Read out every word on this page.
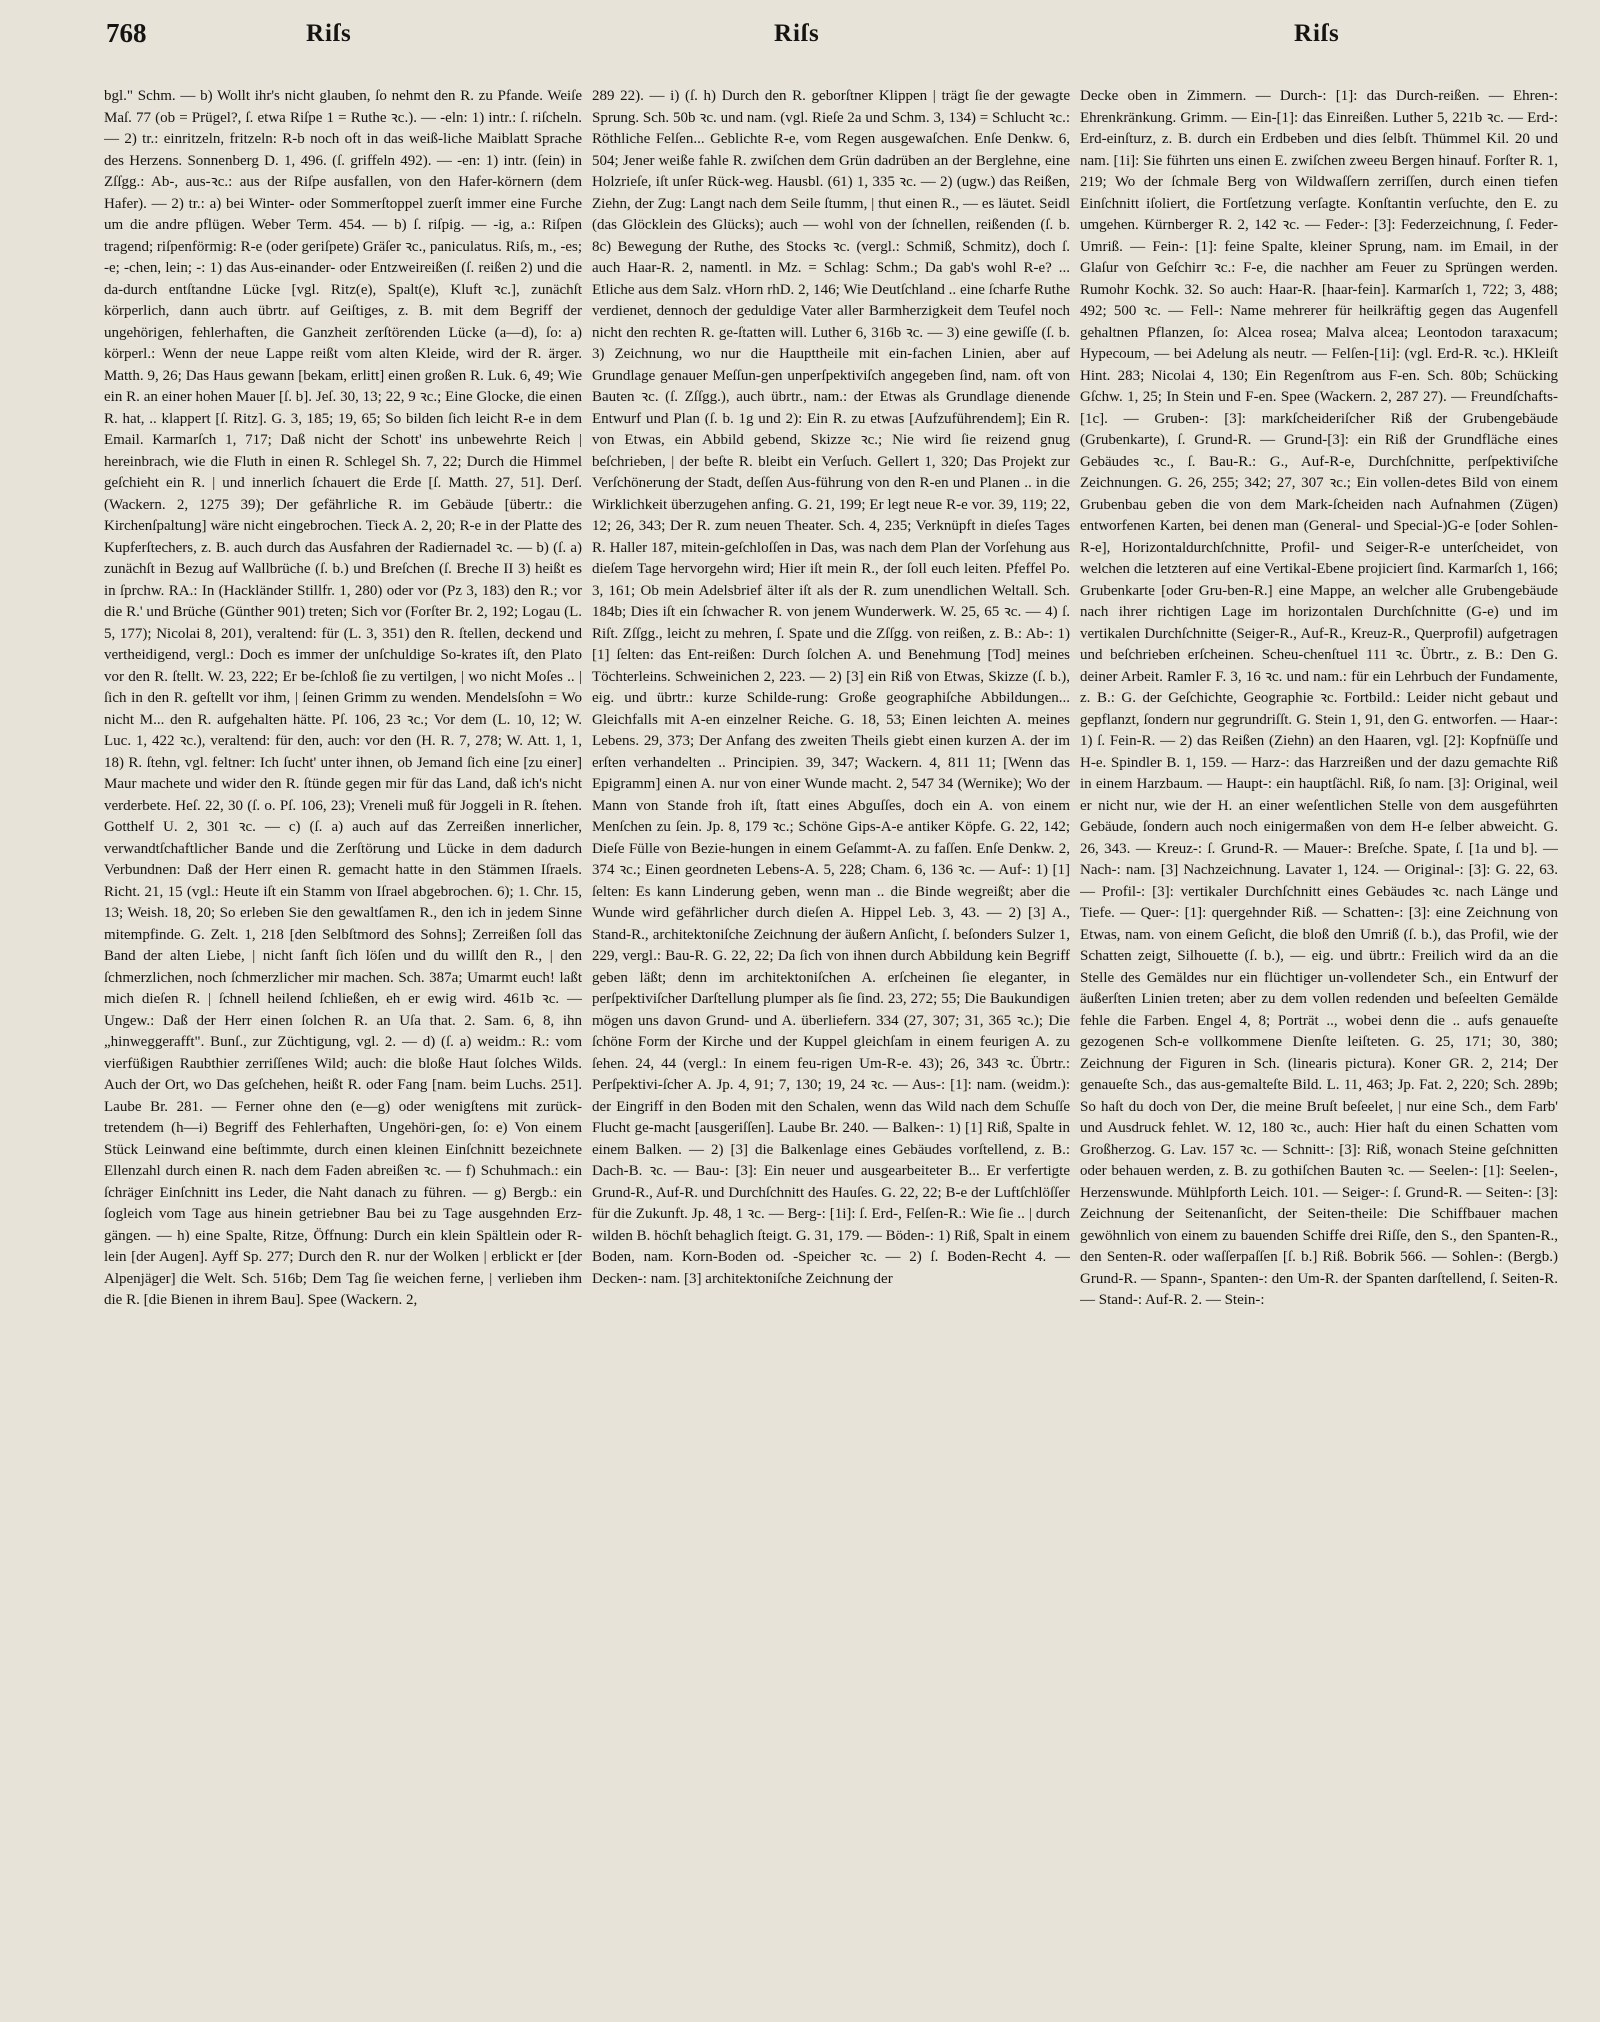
768	Riſs	Riſs	Riſs

bgl." Schm. — b) Wollt ihr's nicht glauben, ſo nehmt den R. zu Pfande. Weiſe Maſ. 77 (ob = Prügel?, ſ. etwa Riſpe 1 = Ruthe ꝛc.). — -eln: 1) intr.: ſ. riſcheln. — 2) tr.: einritzeln, fritzeln: R-b noch oft in das weiß-liche Maiblatt Sprache des Herzens. Sonnenberg D. 1, 496. (ſ. griffeln 492). — -en: 1) intr. (ſein) in Zſſgg.: Ab-, aus-ꝛc.: aus der Riſpe ausfallen, von den Hafer-körnern (dem Hafer). — 2) tr.: a) bei Winter- oder Sommerſtoppel zuerſt immer eine Furche um die andre pflügen. Weber Term. 454. — b) ſ. riſpig. — -ig, a.: Riſpen tragend; riſpenförmig: R-e (oder geriſpete) Gräſer ꝛc., paniculatus. Riſs, m., -es; -e; -chen, lein; -: 1) das Aus-einander- oder Entzweireißen (ſ. reißen 2) und die da-durch entſtandne Lücke [vgl. Ritz(e), Spalt(e), Kluft ꝛc.], zunächſt körperlich, dann auch übrtr. auf Geiſtiges, z. B. mit dem Begriff der ungehörigen, fehlerhaften, die Ganzheit zerſtörenden Lücke (a—d), ſo: a) körperl.: Wenn der neue Lappe reißt vom alten Kleide, wird der R. ärger. Matth. 9, 26; Das Haus gewann [bekam, erlitt] einen großen R. Luk. 6, 49; Wie ein R. an einer hohen Mauer [ſ. b]. Jeſ. 30, 13; 22, 9 ꝛc.; Eine Glocke, die einen R. hat, .. klappert [ſ. Ritz]. G. 3, 185; 19, 65; So bilden ſich leicht R-e in dem Email. Karmarſch 1, 717; Daß nicht der Schott' ins unbewehrte Reich | hereinbrach, wie die Fluth in einen R. Schlegel Sh. 7, 22; Durch die Himmel geſchieht ein R. | und innerlich ſchauert die Erde [ſ. Matth. 27, 51]. Derſ. (Wackern. 2, 1275 39); Der gefährliche R. im Gebäude [übertr.: die Kirchenſpaltung] wäre nicht eingebrochen. Tieck A. 2, 20; R-e in der Platte des Kupferſtechers, z. B. auch durch das Ausfahren der Radiernadel ꝛc. — b) (ſ. a) zunächſt in Bezug auf Wallbrüche (ſ. b.) und Breſchen (ſ. Breche II 3) heißt es in ſprchw. RA.: In (Hackländer Stillfr. 1, 280) oder vor (Pz 3, 183) den R.; vor die R.' und Brüche (Günther 901) treten; Sich vor (Forſter Br. 2, 192; Logau (L. 5, 177); Nicolai 8, 201), veraltend: für (L. 3, 351) den R. ſtellen, deckend und vertheidigend, vergl.: Doch es immer der unſchuldige So-krates iſt, den Plato vor den R. ſtellt. W. 23, 222; Er be-ſchloß ſie zu vertilgen, | wo nicht Moſes .. | ſich in den R. geſtellt vor ihm, | ſeinen Grimm zu wenden. Mendelsſohn = Wo nicht M... den R. aufgehalten hätte. Pſ. 106, 23 ꝛc.; Vor dem (L. 10, 12; W. Luc. 1, 422 ꝛc.), veraltend: für den, auch: vor den (H. R. 7, 278; W. Att. 1, 1, 18) R. ſtehn, vgl. feltner: Ich ſucht' unter ihnen, ob Jemand ſich eine [zu einer] Maur machete und wider den R. ſtünde gegen mir für das Land, daß ich's nicht verderbete. Heſ. 22, 30 (ſ. o. Pſ. 106, 23); Vreneli muß für Joggeli in R. ſtehen. Gotthelf U. 2, 301 ꝛc. — c) (ſ. a) auch auf das Zerreißen innerlicher, verwandtſchaftlicher Bande und die Zerſtörung und Lücke in dem dadurch Verbundnen: Daß der Herr einen R. gemacht hatte in den Stämmen Iſraels. Richt. 21, 15 (vgl.: Heute iſt ein Stamm von Iſrael abgebrochen. 6); 1. Chr. 15, 13; Weish. 18, 20; So erleben Sie den gewaltſamen R., den ich in jedem Sinne mitempfinde. G. Zelt. 1, 218 [den Selbſtmord des Sohns]; Zerreißen ſoll das Band der alten Liebe, | nicht ſanft ſich löſen und du willſt den R., | den ſchmerzlichen, noch ſchmerzlicher mir machen. Sch. 387a; Umarmt euch! laßt mich dieſen R. | ſchnell heilend ſchließen, eh er ewig wird. 461b ꝛc. — Ungew.: Daß der Herr einen ſolchen R. an Uſa that. 2. Sam. 6, 8, ihn „hinweggerafft". Bunſ., zur Züchtigung, vgl. 2. — d) (ſ. a) weidm.: R.: vom vierfüßigen Raubthier zerriſſenes Wild; auch: die bloße Haut ſolches Wilds. Auch der Ort, wo Das geſchehen, heißt R. oder Fang [nam. beim Luchs. 251]. Laube Br. 281. — Ferner ohne den (e—g) oder wenigſtens mit zurück-tretendem (h—i) Begriff des Fehlerhaften, Ungehöri-gen, ſo: e) Von einem Stück Leinwand eine beſtimmte, durch einen kleinen Einſchnitt bezeichnete Ellenzahl durch einen R. nach dem Faden abreißen ꝛc. — f) Schuhmach.: ein ſchräger Einſchnitt ins Leder, die Naht danach zu führen. — g) Bergb.: ein ſogleich vom Tage aus hinein getriebner Bau bei zu Tage ausgehnden Erz-gängen. — h) eine Spalte, Ritze, Öffnung: Durch ein klein Spältlein oder R-lein [der Augen]. Ayff Sp. 277; Durch den R. nur der Wolken | erblickt er [der Alpenjäger] die Welt. Sch. 516b; Dem Tag ſie weichen ferne, | verlieben ihm die R. [die Bienen in ihrem Bau]. Spee (Wackern. 2,

289 22). — i) (ſ. h) Durch den R. geborſtner Klippen | trägt ſie der gewagte Sprung. Sch. 50b ꝛc. und nam. (vgl. Rieſe 2a und Schm. 3, 134) = Schlucht ꝛc.: Röthliche Felſen... Geblichte R-e, vom Regen ausgewaſchen. Enſe Denkw. 6, 504; Jener weiße fahle R. zwiſchen dem Grün dadrüben an der Berglehne, eine Holzrieſe, iſt unſer Rück-weg. Hausbl. (61) 1, 335 ꝛc. — 2) (ugw.) das Reißen, Ziehn, der Zug: Langt nach dem Seile ſtumm, | thut einen R., — es läutet. Seidl (das Glöcklein des Glücks); auch — wohl von der ſchnellen, reißenden (ſ. b. 8c) Bewegung der Ruthe, des Stocks ꝛc. (vergl.: Schmiß, Schmitz), doch ſ. auch Haar-R. 2, namentl. in Mz. = Schlag: Schm.; Da gab's wohl R-e? ... Etliche aus dem Salz. vHorn rhD. 2, 146; Wie Deutſchland .. eine ſcharfe Ruthe verdienet, dennoch der geduldige Vater aller Barmherzigkeit dem Teufel noch nicht den rechten R. ge-ſtatten will. Luther 6, 316b ꝛc. — 3) eine gewiſſe (ſ. b. 3) Zeichnung, wo nur die Haupttheile mit ein-fachen Linien, aber auf Grundlage genauer Meſſun-gen unperſpektiviſch angegeben ſind, nam. oft von Bauten ꝛc. (ſ. Zſſgg.), auch übrtr., nam.: der Etwas als Grundlage dienende Entwurf und Plan (ſ. b. 1g und 2): Ein R. zu etwas [Aufzuführendem]; Ein R. von Etwas, ein Abbild gebend, Skizze ꝛc.; Nie wird ſie reizend gnug beſchrieben, | der beſte R. bleibt ein Verſuch. Gellert 1, 320; Das Projekt zur Verſchönerung der Stadt, deſſen Aus-führung von den R-en und Planen .. in die Wirklichkeit überzugehen anfing. G. 21, 199; Er legt neue R-e vor. 39, 119; 22, 12; 26, 343; Der R. zum neuen Theater. Sch. 4, 235; Verknüpft in dieſes Tages R. Haller 187, mitein-geſchloſſen in Das, was nach dem Plan der Vorſehung aus dieſem Tage hervorgehn wird; Hier iſt mein R., der ſoll euch leiten. Pfeffel Po. 3, 161; Ob mein Adelsbrief älter iſt als der R. zum unendlichen Weltall. Sch. 184b; Dies iſt ein ſchwacher R. von jenem Wunderwerk. W. 25, 65 ꝛc. — 4) ſ. Riſt. Zſſgg., leicht zu mehren, ſ. Spate und die Zſſgg. von reißen, z. B.: Ab-: 1) [1] ſelten: das Ent-reißen: Durch ſolchen A. und Benehmung [Tod] meines Töchterleins. Schweinichen 2, 223. — 2) [3] ein Riß von Etwas, Skizze (ſ. b.), eig. und übrtr.: kurze Schilde-rung: Große geographiſche Abbildungen... Gleichfalls mit A-en einzelner Reiche. G. 18, 53; Einen leichten A. meines Lebens. 29, 373; Der Anfang des zweiten Theils giebt einen kurzen A. der im erſten verhandelten .. Principien. 39, 347; Wackern. 4, 811 11; [Wenn das Epigramm] einen A. nur von einer Wunde macht. 2, 547 34 (Wernike); Wo der Mann von Stande froh iſt, ſtatt eines Abguſſes, doch ein A. von einem Menſchen zu ſein. Jp. 8, 179 ꝛc.; Schöne Gips-A-e antiker Köpfe. G. 22, 142; Dieſe Fülle von Bezie-hungen in einem Geſammt-A. zu faſſen. Enſe Denkw. 2, 374 ꝛc.; Einen geordneten Lebens-A. 5, 228; Cham. 6, 136 ꝛc. — Auf-: 1) [1] ſelten: Es kann Linderung geben, wenn man .. die Binde wegreißt; aber die Wunde wird gefährlicher durch dieſen A. Hippel Leb. 3, 43. — 2) [3] A., Stand-R., architektoniſche Zeichnung der äußern Anſicht, ſ. beſonders Sulzer 1, 229, vergl.: Bau-R. G. 22, 22; Da ſich von ihnen durch Abbildung kein Begriff geben läßt; denn im architektoniſchen A. erſcheinen ſie eleganter, in perſpektiviſcher Darſtellung plumper als ſie ſind. 23, 272; 55; Die Baukundigen mögen uns davon Grund- und A. überliefern. 334 (27, 307; 31, 365 ꝛc.); Die ſchöne Form der Kirche und der Kuppel gleichſam in einem feurigen A. zu ſehen. 24, 44 (vergl.: In einem feu-rigen Um-R-e. 43); 26, 343 ꝛc. Übrtr.: Perſpektivi-ſcher A. Jp. 4, 91; 7, 130; 19, 24 ꝛc. — Aus-: [1]: nam. (weidm.): der Eingriff in den Boden mit den Schalen, wenn das Wild nach dem Schuſſe Flucht ge-macht [ausgeriſſen]. Laube Br. 240. — Balken-: 1) [1] Riß, Spalte in einem Balken. — 2) [3] die Balkenlage eines Gebäudes vorſtellend, z. B.: Dach-B. ꝛc. — Bau-: [3]: Ein neuer und ausgearbeiteter B... Er verfertigte Grund-R., Auf-R. und Durchſchnitt des Hauſes. G. 22, 22; B-e der Luftſchlöſſer für die Zukunft. Jp. 48, 1 ꝛc. — Berg-: [1i]: ſ. Erd-, Felſen-R.: Wie ſie .. | durch wilden B. höchſt behaglich ſteigt. G. 31, 179. — Böden-: 1) Riß, Spalt in einem Boden, nam. Korn-Boden od. -Speicher ꝛc. — 2) ſ. Boden-Recht 4. — Decken-: nam. [3] architektoniſche Zeichnung der

Decke oben in Zimmern. — Durch-: [1]: das Durch-reißen. — Ehren-: Ehrenkränkung. Grimm. — Ein-[1]: das Einreißen. Luther 5, 221b ꝛc. — Erd-: Erd-einſturz, z. B. durch ein Erdbeben und dies ſelbſt. Thümmel Kil. 20 und nam. [1i]: Sie führten uns einen E. zwiſchen zweeu Bergen hinauf. Forſter R. 1, 219; Wo der ſchmale Berg von Wildwaſſern zerriſſen, durch einen tiefen Einſchnitt iſoliert, die Fortſetzung verſagte. Konſtantin verſuchte, den E. zu umgehen. Kürnberger R. 2, 142 ꝛc. — Feder-: [3]: Federzeichnung, ſ. Feder-Umriß. — Fein-: [1]: feine Spalte, kleiner Sprung, nam. im Email, in der Glaſur von Geſchirr ꝛc.: F-e, die nachher am Feuer zu Sprüngen werden. Rumohr Kochk. 32. So auch: Haar-R. [haar-fein]. Karmarſch 1, 722; 3, 488; 492; 500 ꝛc. — Fell-: Name mehrerer für heilkräftig gegen das Augenfell gehaltnen Pflanzen, ſo: Alcea rosea; Malva alcea; Leontodon taraxacum; Hypecoum, — bei Adelung als neutr. — Felſen-[1i]: (vgl. Erd-R. ꝛc.). HKleiſt Hint. 283; Nicolai 4, 130; Ein Regenſtrom aus F-en. Sch. 80b; Schücking Gſchw. 1, 25; In Stein und F-en. Spee (Wackern. 2, 287 27). — Freundſchafts-[1c]. — Gruben-: [3]: markſcheideriſcher Riß der Grubengebäude (Grubenkarte), ſ. Grund-R. — Grund-[3]: ein Riß der Grundfläche eines Gebäudes ꝛc., ſ. Bau-R.: G., Auf-R-e, Durchſchnitte, perſpektiviſche Zeichnungen. G. 26, 255; 342; 27, 307 ꝛc.; Ein vollen-detes Bild von einem Grubenbau geben die von dem Mark-ſcheiden nach Aufnahmen (Zügen) entworfenen Karten, bei denen man (General- und Special-)G-e [oder Sohlen-R-e], Horizontaldurchſchnitte, Profil- und Seiger-R-e unterſcheidet, von welchen die letzteren auf eine Vertikal-Ebene projiciert ſind. Karmarſch 1, 166; Grubenkarte [oder Gru-ben-R.] eine Mappe, an welcher alle Grubengebäude nach ihrer richtigen Lage im horizontalen Durchſchnitte (G-e) und im vertikalen Durchſchnitte (Seiger-R., Auf-R., Kreuz-R., Querprofil) aufgetragen und beſchrieben erſcheinen. Scheu-chenſtuel 111 ꝛc. Übrtr., z. B.: Den G. deiner Arbeit. Ramler F. 3, 16 ꝛc. und nam.: für ein Lehrbuch der Fundamente, z. B.: G. der Geſchichte, Geographie ꝛc. Fortbild.: Leider nicht gebaut und gepflanzt, ſondern nur gegrundriſſt. G. Stein 1, 91, den G. entworfen. — Haar-: 1) ſ. Fein-R. — 2) das Reißen (Ziehn) an den Haaren, vgl. [2]: Kopfnüſſe und H-e. Spindler B. 1, 159. — Harz-: das Harzreißen und der dazu gemachte Riß in einem Harzbaum. — Haupt-: ein hauptſächl. Riß, ſo nam. [3]: Original, weil er nicht nur, wie der H. an einer weſentlichen Stelle von dem ausgeführten Gebäude, ſondern auch noch einigermaßen von dem H-e ſelber abweicht. G. 26, 343. — Kreuz-: ſ. Grund-R. — Mauer-: Breſche. Spate, ſ. [1a und b]. — Nach-: nam. [3] Nachzeichnung. Lavater 1, 124. — Original-: [3]: G. 22, 63. — Profil-: [3]: vertikaler Durchſchnitt eines Gebäudes ꝛc. nach Länge und Tiefe. — Quer-: [1]: quergehnder Riß. — Schatten-: [3]: eine Zeichnung von Etwas, nam. von einem Geſicht, die bloß den Umriß (ſ. b.), das Profil, wie der Schatten zeigt, Silhouette (ſ. b.), — eig. und übrtr.: Freilich wird da an die Stelle des Gemäldes nur ein flüchtiger un-vollendeter Sch., ein Entwurf der äußerſten Linien treten; aber zu dem vollen redenden und beſeelten Gemälde fehle die Farben. Engel 4, 8; Porträt .., wobei denn die .. aufs genaueſte gezogenen Sch-e vollkommene Dienſte leiſteten. G. 25, 171; 30, 380; Zeichnung der Figuren in Sch. (linearis pictura). Koner GR. 2, 214; Der genaueſte Sch., das aus-gemalteſte Bild. L. 11, 463; Jp. Fat. 2, 220; Sch. 289b; So haſt du doch von Der, die meine Bruſt beſeelet, | nur eine Sch., dem Farb' und Ausdruck fehlet. W. 12, 180 ꝛc., auch: Hier haſt du einen Schatten vom Großherzog. G. Lav. 157 ꝛc. — Schnitt-: [3]: Riß, wonach Steine geſchnitten oder behauen werden, z. B. zu gothiſchen Bauten ꝛc. — Seelen-: [1]: Seelen-, Herzenswunde. Mühlpforth Leich. 101. — Seiger-: ſ. Grund-R. — Seiten-: [3]: Zeichnung der Seitenanſicht, der Seiten-theile: Die Schiffbauer machen gewöhnlich von einem zu bauenden Schiffe drei Riſſe, den S., den Spanten-R., den Senten-R. oder waſſerpaſſen [ſ. b.] Riß. Bobrik 566. — Sohlen-: (Bergb.) Grund-R. — Spann-, Spanten-: den Um-R. der Spanten darſtellend, ſ. Seiten-R. — Stand-: Auf-R. 2. — Stein-:
